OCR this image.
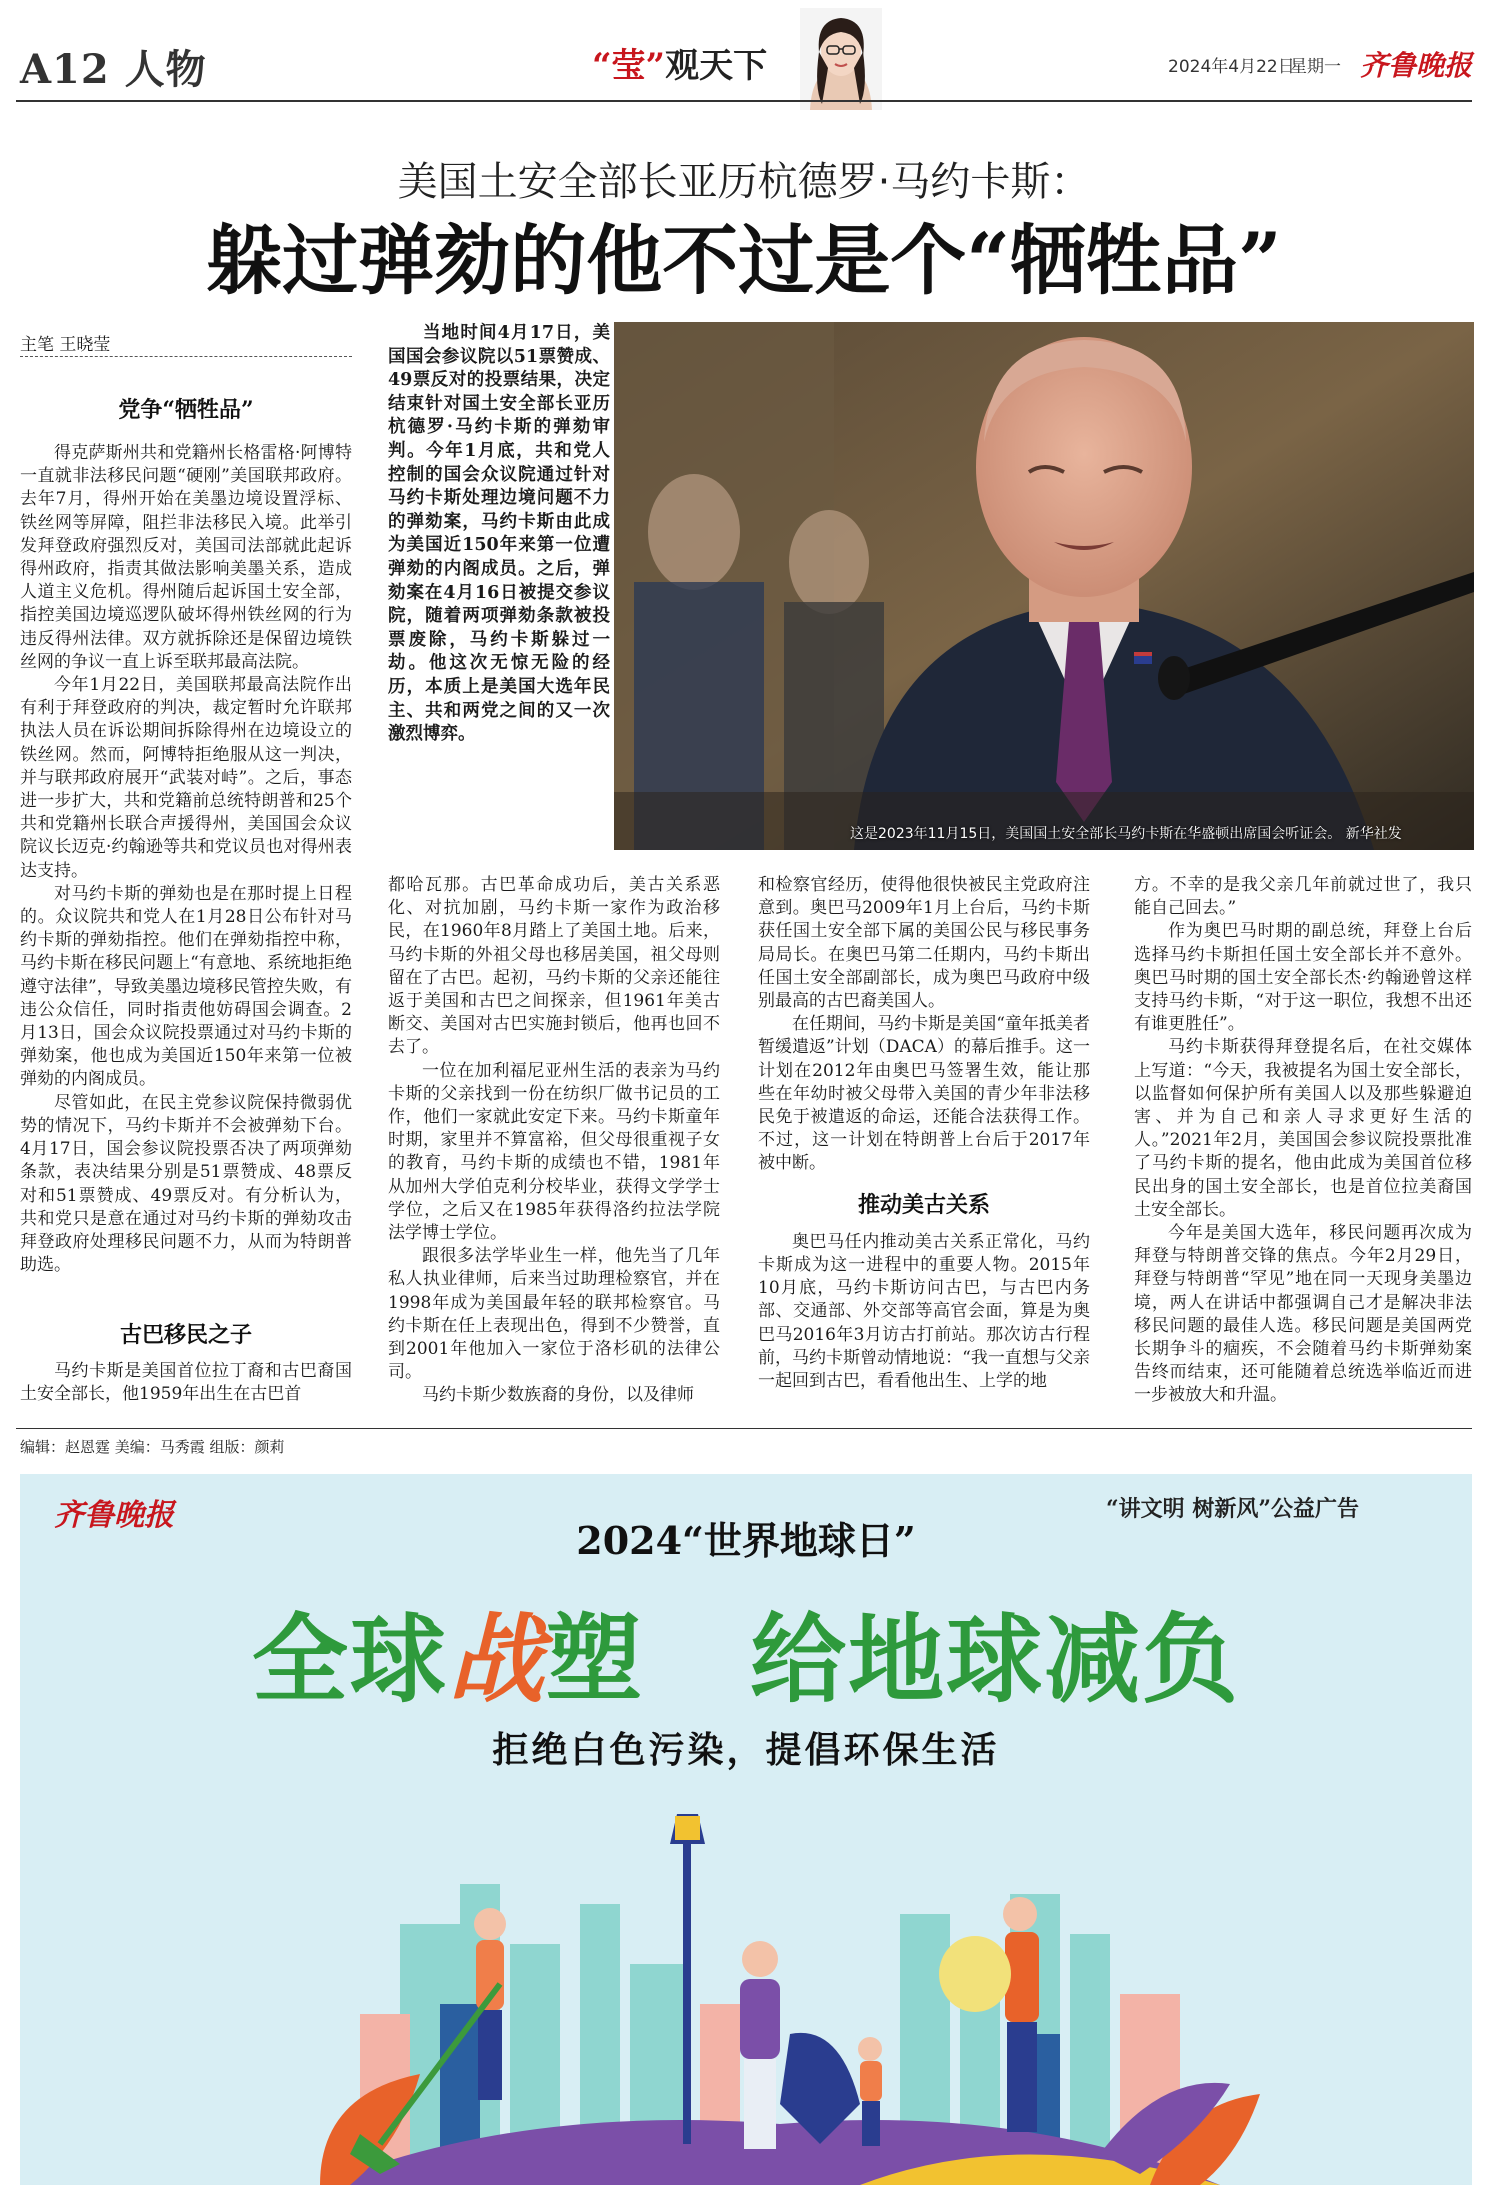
A12 人物	“莹”观天下	2024年4月22日
星期一 齐鲁晚报
美国土安全部长亚历杭德罗·马约卡斯：
躲过弹劾的他不过是个“牺牲品”
主笔 王晓莹
党争“牺牲品”

得克萨斯州共和党籍州长格雷格·阿博特一直就非法移民问题“硬刚”美国联邦政府。去年7月，得州开始在美墨边境设置浮标、铁丝网等屏障，阻拦非法移民入境。此举引发拜登政府强烈反对，美国司法部就此起诉得州政府，指责其做法影响美墨关系，造成人道主义危机。得州随后起诉国土安全部，指控美国边境巡逻队破坏得州铁丝网的行为违反得州法律。双方就拆除还是保留边境铁丝网的争议一直上诉至联邦最高法院。

今年1月22日，美国联邦最高法院作出有利于拜登政府的判决，裁定暂时允许联邦执法人员在诉讼期间拆除得州在边境设立的铁丝网。然而，阿博特拒绝服从这一判决，并与联邦政府展开“武装对峙”。之后，事态进一步扩大，共和党籍前总统特朗普和25个共和党籍州长联合声援得州，美国国会众议院议长迈克·约翰逊等共和党议员也对得州表达支持。

对马约卡斯的弹劾也是在那时提上日程的。众议院共和党人在1月28日公布针对马约卡斯的弹劾指控。他们在弹劾指控中称，马约卡斯在移民问题上“有意地、系统地拒绝遵守法律”，导致美墨边境移民管控失败，有违公众信任，同时指责他妨碍国会调查。2月13日，国会众议院投票通过对马约卡斯的弹劾案，他也成为美国近150年来第一位被弹劾的内阁成员。

尽管如此，在民主党参议院保持微弱优势的情况下，马约卡斯并不会被弹劾下台。4月17日，国会参议院投票否决了两项弹劾条款，表决结果分别是51票赞成、48票反对和51票赞成、49票反对。有分析认为，共和党只是意在通过对马约卡斯的弹劾攻击拜登政府处理移民问题不力，从而为特朗普助选。

古巴移民之子

马约卡斯是美国首位拉丁裔和古巴裔国土安全部长，他1959年出生在古巴首

当地时间4月17日，美国国会参议院以51票赞成、49票反对的投票结果，决定结束针对国土安全部长亚历杭德罗·马约卡斯的弹劾审判。今年1月底，共和党人控制的国会众议院通过针对马约卡斯处理边境问题不力的弹劾案，马约卡斯由此成为美国近150年来第一位遭弹劾的内阁成员。之后，弹劾案在4月16日被提交参议院，随着两项弹劾条款被投票废除，马约卡斯躲过一劫。他这次无惊无险的经历，本质上是美国大选年民主、共和两党之间的又一次激烈博弈。

这是2023年11月15日，美国国土安全部长马约卡斯在华盛顿出席国会听证会。 新华社发

都哈瓦那。古巴革命成功后，美古关系恶化、对抗加剧，马约卡斯一家作为政治移民，在1960年8月踏上了美国土地。后来，马约卡斯的外祖父母也移居美国，祖父母则留在了古巴。起初，马约卡斯的父亲还能往返于美国和古巴之间探亲，但1961年美古断交、美国对古巴实施封锁后，他再也回不去了。

一位在加利福尼亚州生活的表亲为马约卡斯的父亲找到一份在纺织厂做书记员的工作，他们一家就此安定下来。马约卡斯童年时期，家里并不算富裕，但父母很重视子女的教育，马约卡斯的成绩也不错，1981年从加州大学伯克利分校毕业，获得文学学士学位，之后又在1985年获得洛约拉法学院法学博士学位。

跟很多法学毕业生一样，他先当了几年私人执业律师，后来当过助理检察官，并在1998年成为美国最年轻的联邦检察官。马约卡斯在任上表现出色，得到不少赞誉，直到2001年他加入一家位于洛杉矶的法律公司。

马约卡斯少数族裔的身份，以及律师

和检察官经历，使得他很快被民主党政府注意到。奥巴马2009年1月上台后，马约卡斯获任国土安全部下属的美国公民与移民事务局局长。在奥巴马第二任期内，马约卡斯出任国土安全部副部长，成为奥巴马政府中级别最高的古巴裔美国人。

在任期间，马约卡斯是美国“童年抵美者暂缓遣返”计划（DACA）的幕后推手。这一计划在2012年由奥巴马签署生效，能让那些在年幼时被父母带入美国的青少年非法移民免于被遣返的命运，还能合法获得工作。不过，这一计划在特朗普上台后于2017年被中断。

推动美古关系

奥巴马任内推动美古关系正常化，马约卡斯成为这一进程中的重要人物。2015年10月底，马约卡斯访问古巴，与古巴内务部、交通部、外交部等高官会面，算是为奥巴马2016年3月访古打前站。那次访古行程前，马约卡斯曾动情地说：“我一直想与父亲一起回到古巴，看看他出生、上学的地

方。不幸的是我父亲几年前就过世了，我只能自己回去。”

作为奥巴马时期的副总统，拜登上台后选择马约卡斯担任国土安全部长并不意外。奥巴马时期的国土安全部长杰·约翰逊曾这样支持马约卡斯，“对于这一职位，我想不出还有谁更胜任”。

马约卡斯获得拜登提名后，在社交媒体上写道：“今天，我被提名为国土安全部长，以监督如何保护所有美国人以及那些躲避迫害、并为自己和亲人寻求更好生活的人。”2021年2月，美国国会参议院投票批准了马约卡斯的提名，他由此成为美国首位移民出身的国土安全部长，也是首位拉美裔国土安全部长。

今年是美国大选年，移民问题再次成为拜登与特朗普交锋的焦点。今年2月29日，拜登与特朗普“罕见”地在同一天现身美墨边境，两人在讲话中都强调自己才是解决非法移民问题的最佳人选。移民问题是美国两党长期争斗的痼疾，不会随着马约卡斯弹劾案告终而结束，还可能随着总统选举临近而进一步被放大和升温。

编辑：赵恩霆 美编：马秀霞 组版：颜莉
齐鲁晚报	“讲文明 树新风”公益广告
2024“世界地球日”
全球战塑 给地球减负
拒绝白色污染，提倡环保生活
